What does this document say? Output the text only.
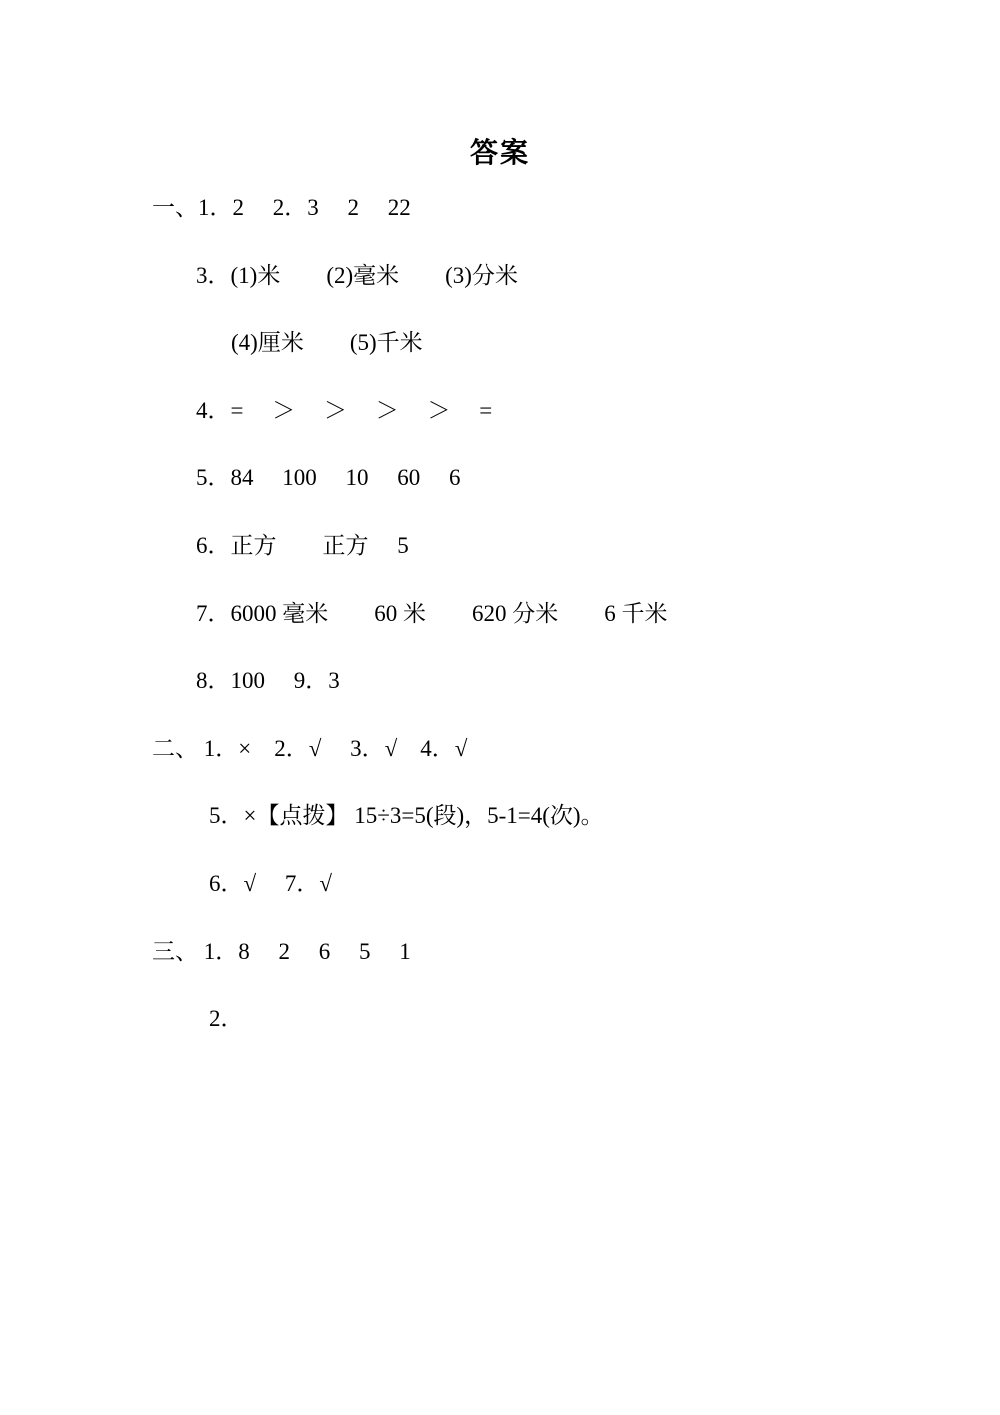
答案
一、1．2　 2．3　 2　 22
3．(1)米　　(2)毫米　　(3)分米
(4)厘米　　(5)千米
4．=　 ＞　 ＞　 ＞　 ＞　 =
5．84　 100　 10　 60　 6
6．正方　　正方　 5
7．6000 毫米　　60 米　　620 分米　　6 千米
8．100　 9．3
二、 1．×　2．√　 3．√　4．√
5．×【点拨】 15÷3=5(段)，5-1=4(次)。
6．√　 7．√
三、 1．8　 2　 6　 5　 1
2．
